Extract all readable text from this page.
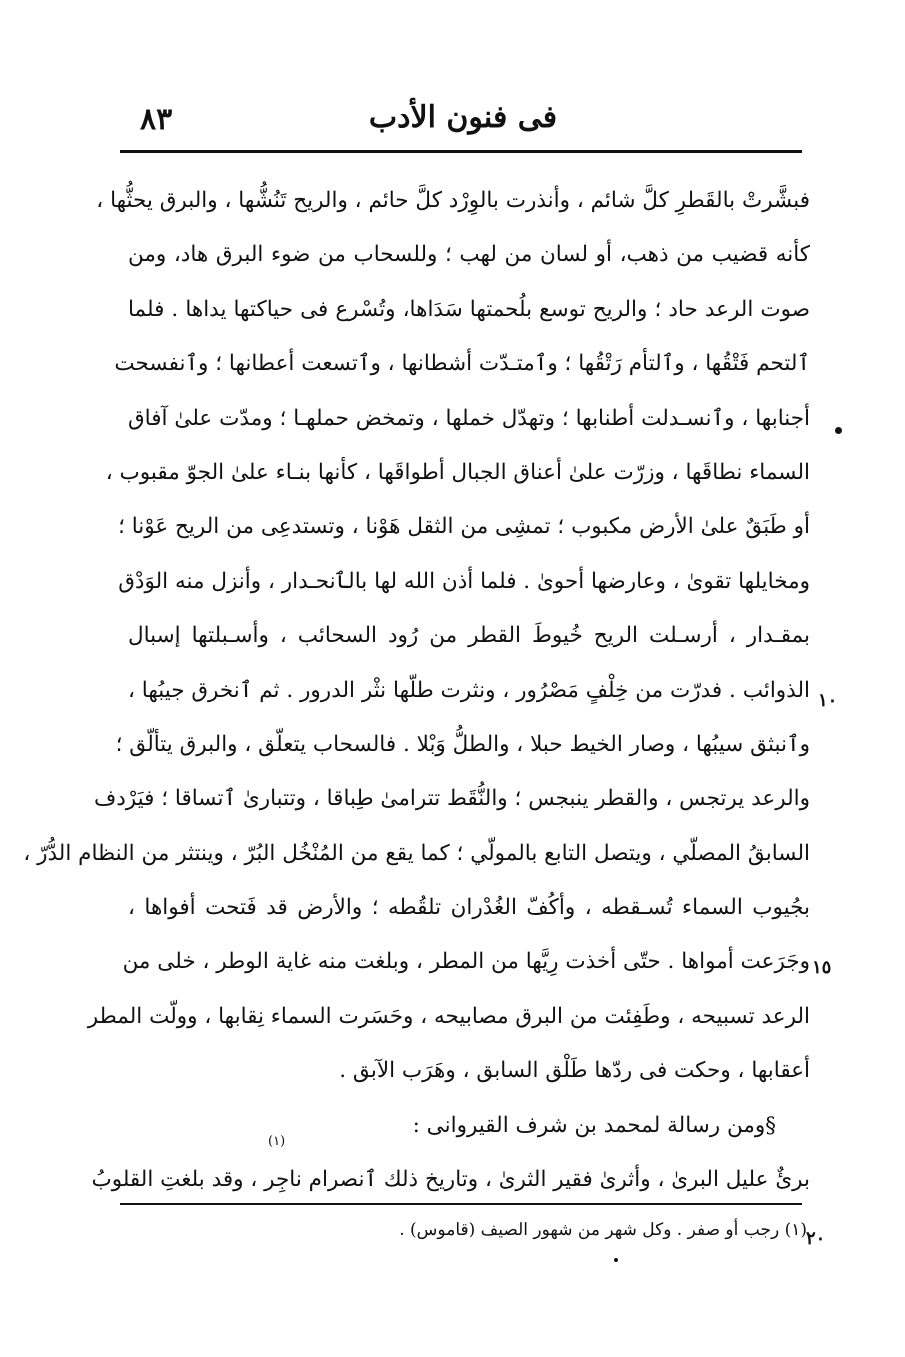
٨٣	فى فنون الأدب
فبشَّرتْ بالقَطرِ كلَّ شائم ، وأنذرت بالوِرْد كلَّ حائم ، والريح تَنُشُّها ، والبرق يحثُّها ،
كأنه قضيب من ذهب، أو لسان من لهب ؛ وللسحاب من ضوء البرق هاد، ومن
صوت الرعد حاد ؛ والريح توسع بلُحمتها سَدَاها، وتُسْرع فى حياكتها يداها . فلما
ٱلتحم فَتْقُها ، وٱلتأم رَتْقُها ؛ وٱمتـدّت أشطانها ، وٱتسعت أعطانها ؛ وٱنفسحت
أجنابها ، وٱنسـدلت أطنابها ؛ وتهدّل خملها ، وتمخض حملهـا ؛ ومدّت علىٰ آفاق
السماء نطاقَها ، وزرّت علىٰ أعناق الجبال أطواقَها ، كأنها بنـاء علىٰ الجوّ مقبوب ،
أو طَبَقٌ علىٰ الأرض مكبوب ؛ تمشِى من الثقل هَوْنا ، وتستدعِى من الريح عَوْنا ؛
ومخايلها تقوىٰ ، وعارضها أحوىٰ . فلما أذن الله لها بالٱنحـدار ، وأنزل منه الوَدْق
بمقـدار ، أرسـلت الريح خُيوطَ القطر من رُود السحائب ، وأسـبلتها إسبال
الذوائب . فدرّت من خِلْفٍ مَصْرُور ، ونثرت طلّها نثْر الدرور . ثم ٱنخرق جيبُها ،
وٱنبثق سيبُها ، وصار الخيط حبلا ، والطلُّ وَبْلا . فالسحاب يتعلّق ، والبرق يتألّق ؛
والرعد يرتجس ، والقطر ينبجس ؛ والنُّقَط تترامىٰ طِباقا ، وتتبارىٰ ٱتساقا ؛ فيَرْدف
السابقُ المصلّي ، ويتصل التابع بالمولّي ؛ كما يقع من المُنْخُل البُرّ ، وينتثر من النظام الدُّرّ ،
بجُيوب السماء تُسـقطه ، وأكُفّ الغُدْران تلقُطه ؛ والأرض قد فَتحت أفواها ،
وجَرَعت أمواها . حتّى أخذت رِيَّها من المطر ، وبلغت منه غاية الوطر ، خلى من
الرعد تسبيحه ، وطَفِئت من البرق مصابيحه ، وحَسَرت السماء نِقابها ، وولّت المطر
أعقابها ، وحكت فى ردّها طَلْق السابق ، وهَرَب الآبق .
§ومن رسالة لمحمد بن شرف القيروانى :
برئٌ عليل البرىٰ ، وأثرىٰ فقير الثرىٰ ، وتاريخ ذلك ٱنصرام ناجِر ، وقد بلغتِ القلوبُ
(١)
١٠
١٥
٢٠
(١) رجب أو صفر . وكل شهر من شهور الصيف (قاموس) .
